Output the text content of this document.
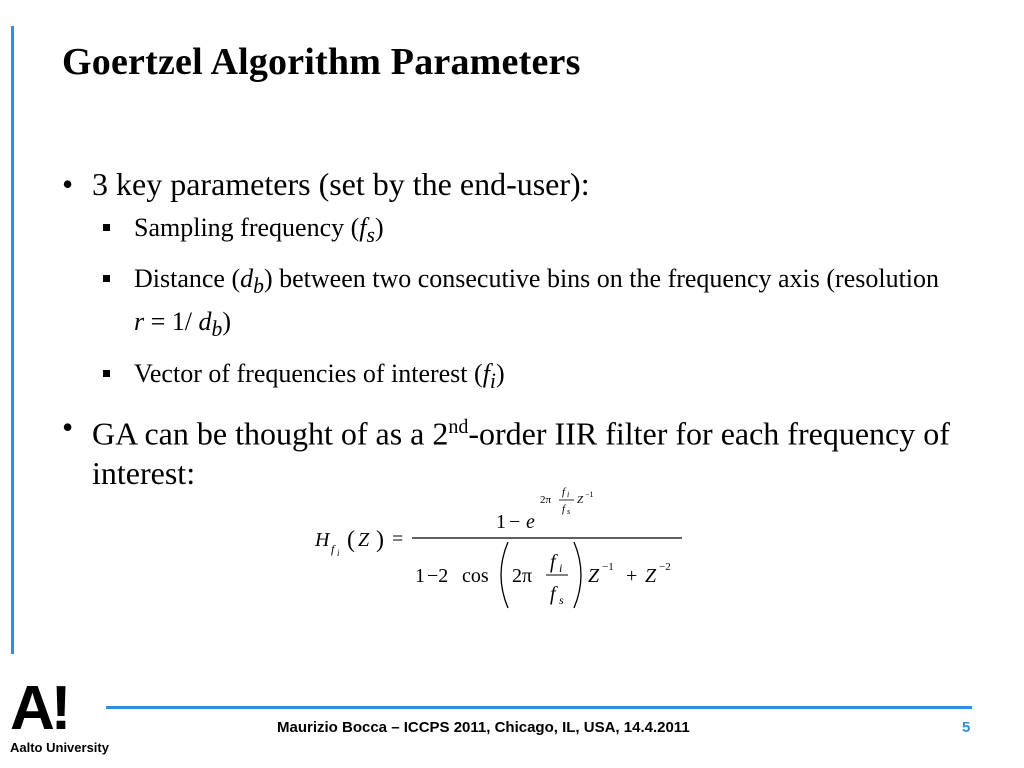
Goertzel Algorithm Parameters
• 3 key parameters (set by the end-user):
Sampling frequency $(f_s)$
Distance $(d_b)$ between two consecutive bins on the frequency axis (resolution r = 1/ $d_b$)
Vector of frequencies of interest $(f_i)$
• GA can be thought of as a 2nd-order IIR filter for each frequency of interest:
H f i ( Z ) =
1 − e
2π
f i
f s
Z −1
1 −2 cos 2π
f i
f s
Z −1 + Z −2
A!
Aalto University
Maurizio Bocca – ICCPS 2011, Chicago, IL, USA, 14.4.2011	5
